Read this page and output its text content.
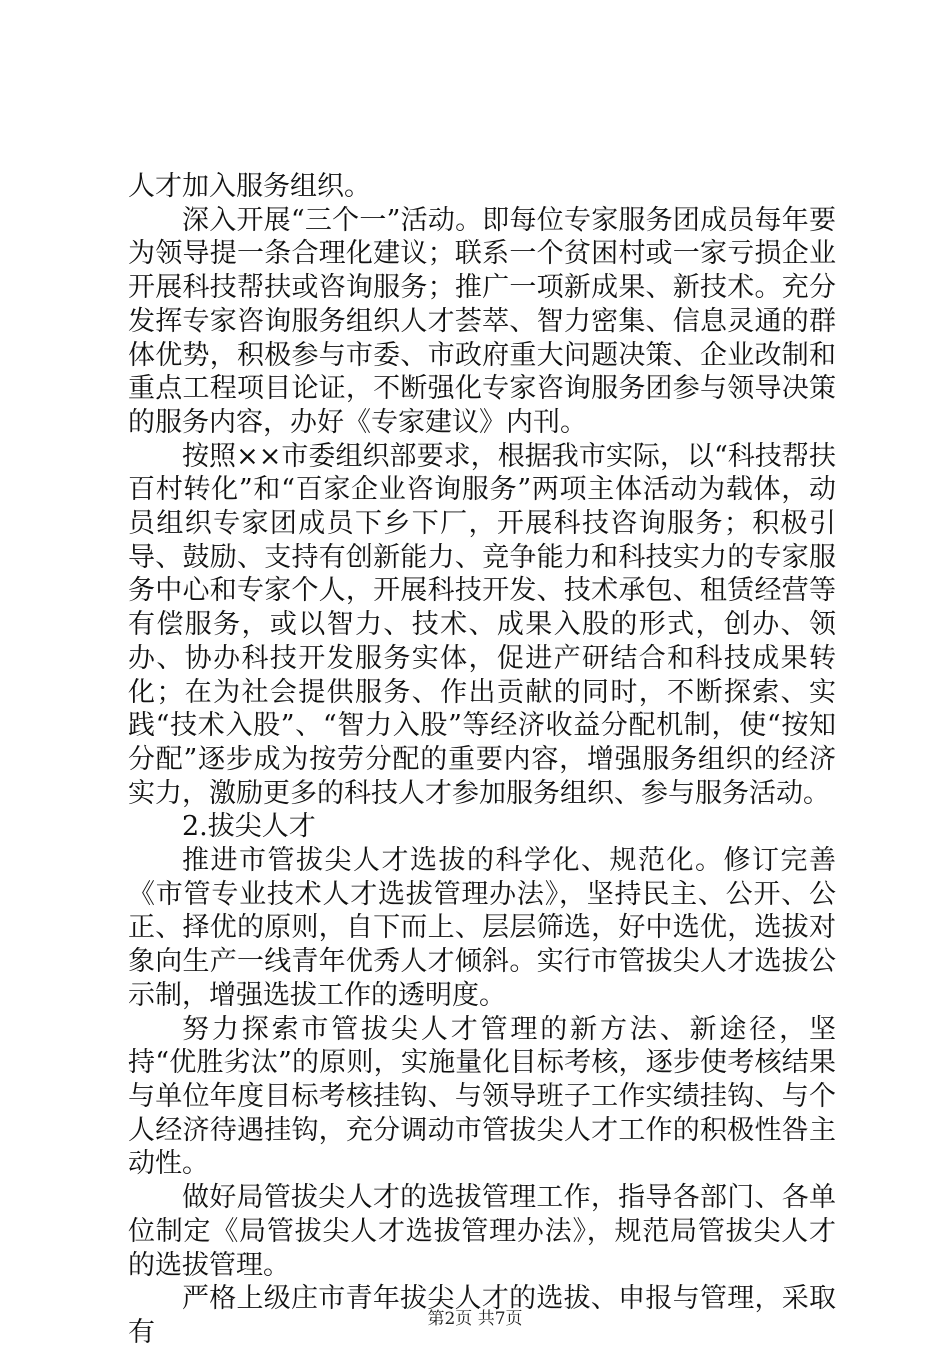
人才加入服务组织。

深入开展“三个一”活动。即每位专家服务团成员每年要为领导提一条合理化建议；联系一个贫困村或一家亏损企业开展科技帮扶或咨询服务；推广一项新成果、新技术。充分发挥专家咨询服务组织人才荟萃、智力密集、信息灵通的群体优势，积极参与市委、市政府重大问题决策、企业改制和重点工程项目论证，不断强化专家咨询服务团参与领导决策的服务内容，办好《专家建议》内刊。

按照××市委组织部要求，根据我市实际，以“科技帮扶百村转化”和“百家企业咨询服务”两项主体活动为载体，动员组织专家团成员下乡下厂，开展科技咨询服务；积极引导、鼓励、支持有创新能力、竞争能力和科技实力的专家服务中心和专家个人，开展科技开发、技术承包、租赁经营等有偿服务，或以智力、技术、成果入股的形式，创办、领办、协办科技开发服务实体，促进产研结合和科技成果转化；在为社会提供服务、作出贡献的同时，不断探索、实践“技术入股”、“智力入股”等经济收益分配机制，使“按知分配”逐步成为按劳分配的重要内容，增强服务组织的经济实力，激励更多的科技人才参加服务组织、参与服务活动。

2.拔尖人才

推进市管拔尖人才选拔的科学化、规范化。修订完善《市管专业技术人才选拔管理办法》，坚持民主、公开、公正、择优的原则，自下而上、层层筛选，好中选优，选拔对象向生产一线青年优秀人才倾斜。实行市管拔尖人才选拔公示制，增强选拔工作的透明度。

努力探索市管拔尖人才管理的新方法、新途径，坚持“优胜劣汰”的原则，实施量化目标考核，逐步使考核结果与单位年度目标考核挂钩、与领导班子工作实绩挂钩、与个人经济待遇挂钩，充分调动市管拔尖人才工作的积极性咎主动性。

做好局管拔尖人才的选拔管理工作，指导各部门、各单位制定《局管拔尖人才选拔管理办法》，规范局管拔尖人才的选拔管理。

严格上级庄市青年拔尖人才的选拔、申报与管理，采取有	第2页 共7页
